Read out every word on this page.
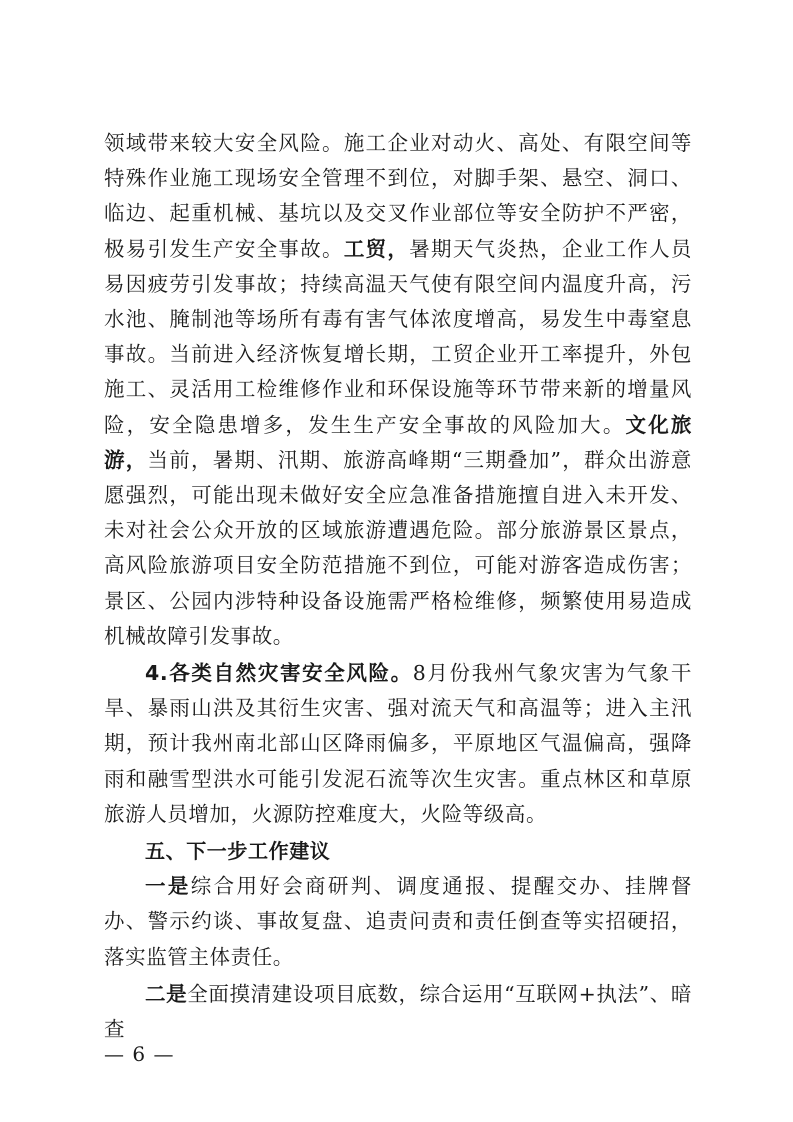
领域带来较大安全风险。施工企业对动火、高处、有限空间等特殊作业施工现场安全管理不到位，对脚手架、悬空、洞口、临边、起重机械、基坑以及交叉作业部位等安全防护不严密，极易引发生产安全事故。工贸，暑期天气炎热，企业工作人员易因疲劳引发事故；持续高温天气使有限空间内温度升高，污水池、腌制池等场所有毒有害气体浓度增高，易发生中毒窒息事故。当前进入经济恢复增长期，工贸企业开工率提升，外包施工、灵活用工检维修作业和环保设施等环节带来新的增量风险，安全隐患增多，发生生产安全事故的风险加大。文化旅游，当前，暑期、汛期、旅游高峰期“三期叠加”，群众出游意愿强烈，可能出现未做好安全应急准备措施擅自进入未开发、未对社会公众开放的区域旅游遭遇危险。部分旅游景区景点，高风险旅游项目安全防范措施不到位，可能对游客造成伤害；景区、公园内涉特种设备设施需严格检维修，频繁使用易造成机械故障引发事故。

4.各类自然灾害安全风险。8月份我州气象灾害为气象干旱、暴雨山洪及其衍生灾害、强对流天气和高温等；进入主汛期，预计我州南北部山区降雨偏多，平原地区气温偏高，强降雨和融雪型洪水可能引发泥石流等次生灾害。重点林区和草原旅游人员增加，火源防控难度大，火险等级高。

五、下一步工作建议

一是综合用好会商研判、调度通报、提醒交办、挂牌督办、警示约谈、事故复盘、追责问责和责任倒查等实招硬招，落实监管主体责任。

二是全面摸清建设项目底数，综合运用“互联网+执法”、暗查

— 6 —
